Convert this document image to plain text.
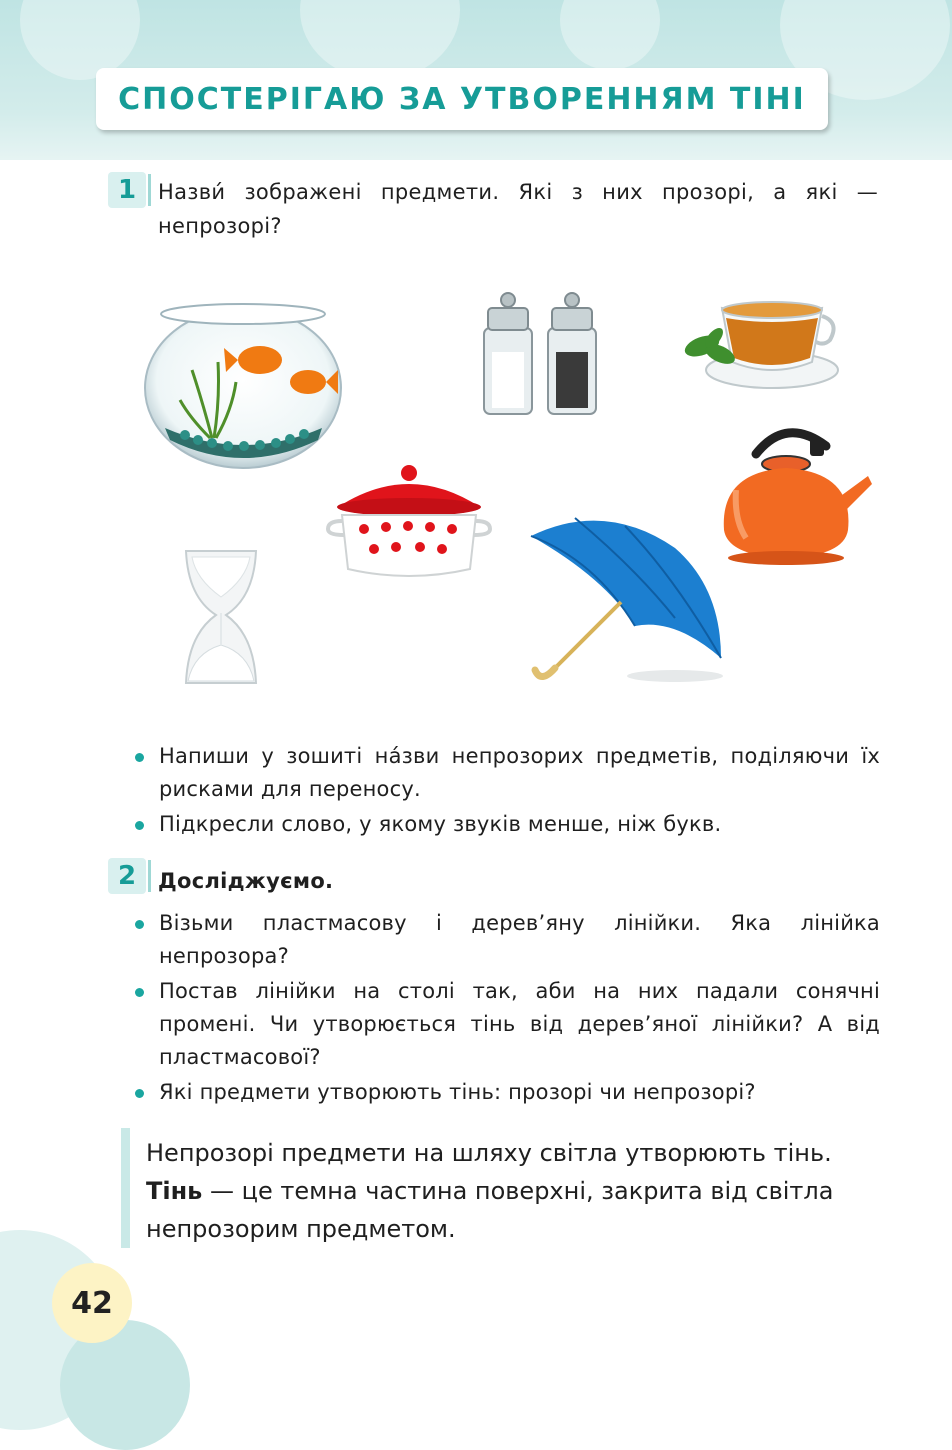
СПОСТЕРІГАЮ ЗА УТВОРЕННЯМ ТІНІ
1	Назви́ зображені предмети. Які з них прозорі, а які —
непрозорі?
Напиши у зошиті на́зви непрозорих предметів, поділяючи їх рисками для переносу.
Підкресли слово, у якому звуків менше, ніж букв.
2	Досліджуємо.
Візьми пластмасову і дерев’яну лінійки. Яка лінійка непрозора?
Постав лінійки на столі так, аби на них падали сонячні промені. Чи утворюється тінь від дерев’яної лінійки? А від пластмасової?
Які предмети утворюють тінь: прозорі чи непрозорі?
Непрозорі предмети на шляху світла утворюють тінь.
Тінь — це темна частина поверхні, закрита від світла
непрозорим предметом.
42
